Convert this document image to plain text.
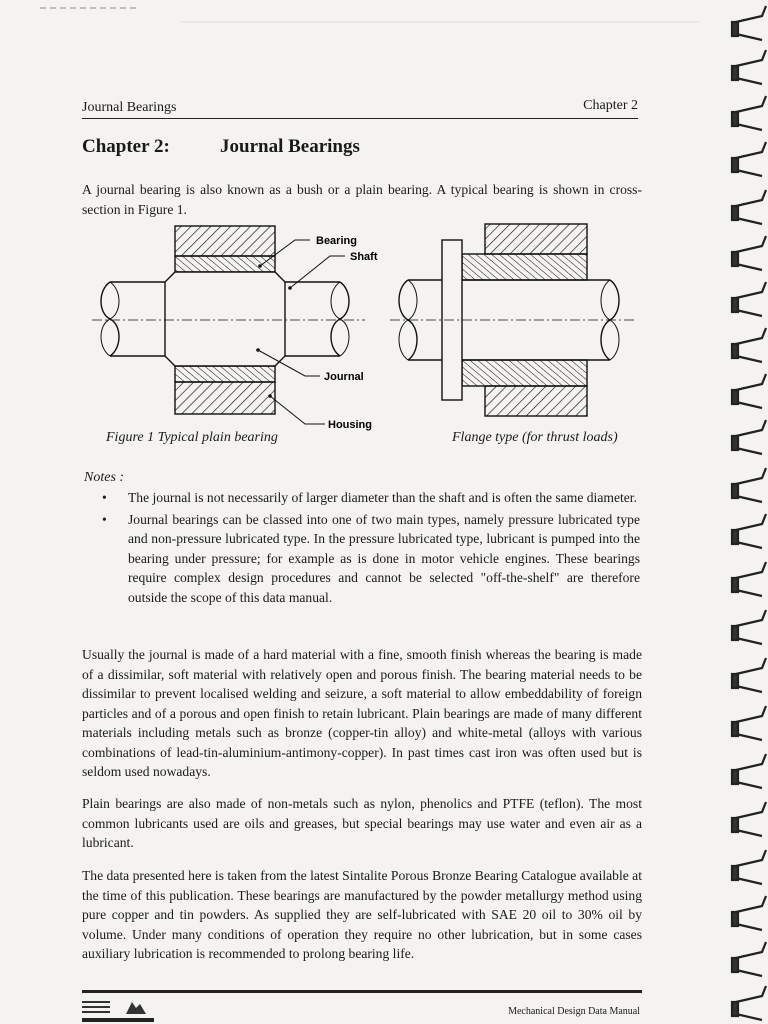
Journal Bearings	Chapter 2
Chapter 2:	Journal Bearings
A journal bearing is also known as a bush or a plain bearing. A typical bearing is shown in cross-section in Figure 1.
Bearing
Shaft
Journal
Housing
Figure 1 Typical plain bearing	Flange type (for thrust loads)
Notes :
• The journal is not necessarily of larger diameter than the shaft and is often the same diameter.
• Journal bearings can be classed into one of two main types, namely pressure lubricated type and non-pressure lubricated type. In the pressure lubricated type, lubricant is pumped into the bearing under pressure; for example as is done in motor vehicle engines. These bearings require complex design procedures and cannot be selected "off-the-shelf" are therefore outside the scope of this data manual.
Usually the journal is made of a hard material with a fine, smooth finish whereas the bearing is made of a dissimilar, soft material with relatively open and porous finish. The bearing material needs to be dissimilar to prevent localised welding and seizure, a soft material to allow embeddability of foreign particles and of a porous and open finish to retain lubricant. Plain bearings are made of many different materials including metals such as bronze (copper-tin alloy) and white-metal (alloys with various combinations of lead-tin-aluminium-antimony-copper). In past times cast iron was often used but is seldom used nowadays.
Plain bearings are also made of non-metals such as nylon, phenolics and PTFE (teflon). The most common lubricants used are oils and greases, but special bearings may use water and even air as a lubricant.
The data presented here is taken from the latest Sintalite Porous Bronze Bearing Catalogue available at the time of this publication. These bearings are manufactured by the powder metallurgy method using pure copper and tin powders. As supplied they are self-lubricated with SAE 20 oil to 30% oil by volume. Under many conditions of operation they require no other lubrication, but in some cases auxiliary lubrication is recommended to prolong bearing life.
Mechanical Design Data Manual
